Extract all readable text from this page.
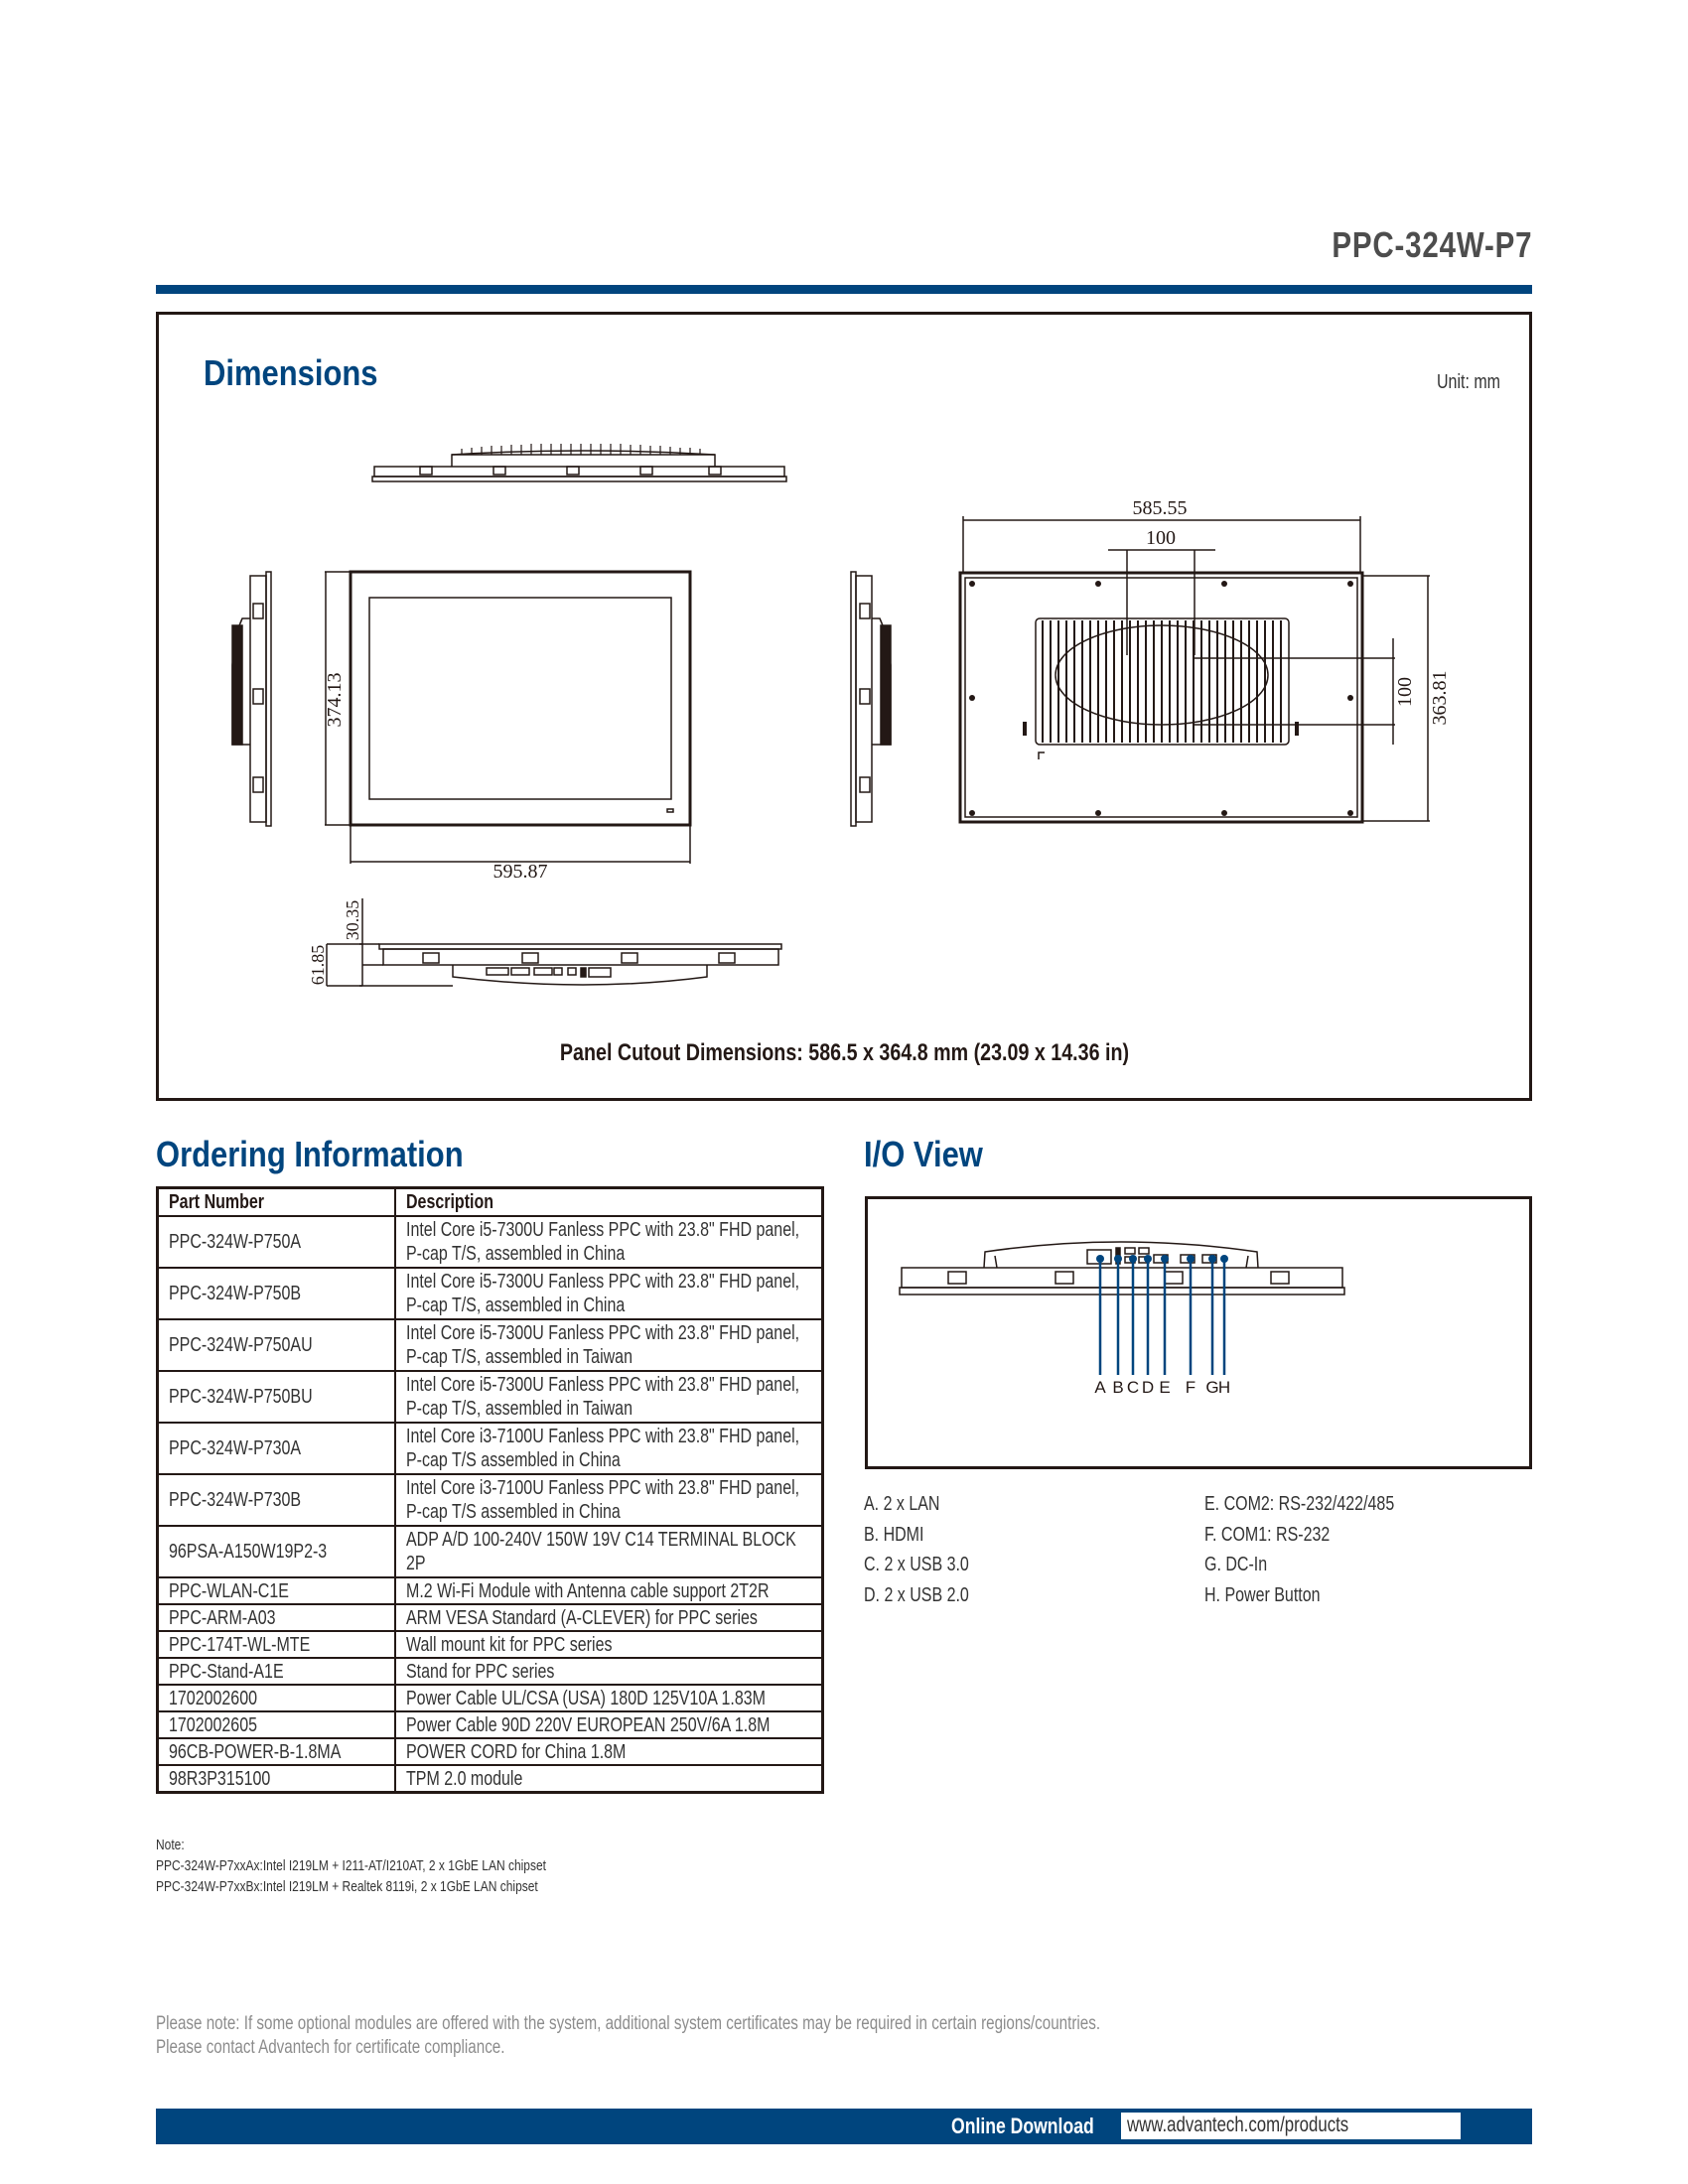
PPC-324W-P7
Dimensions	Unit: mm
374.13
595.87
585.55
100
100 363.81
30.35
61.85
Panel Cutout Dimensions: 586.5 x 364.8 mm (23.09 x 14.36 in)
Ordering Information
Part Number	Description
PPC-324W-P750A	Intel Core i5-7300U Fanless PPC with 23.8" FHD panel, P-cap T/S, assembled in China
PPC-324W-P750B	Intel Core i5-7300U Fanless PPC with 23.8" FHD panel, P-cap T/S, assembled in China
PPC-324W-P750AU	Intel Core i5-7300U Fanless PPC with 23.8" FHD panel, P-cap T/S, assembled in Taiwan
PPC-324W-P750BU	Intel Core i5-7300U Fanless PPC with 23.8" FHD panel, P-cap T/S, assembled in Taiwan
PPC-324W-P730A	Intel Core i3-7100U Fanless PPC with 23.8" FHD panel, P-cap T/S assembled in China
PPC-324W-P730B	Intel Core i3-7100U Fanless PPC with 23.8" FHD panel, P-cap T/S assembled in China
96PSA-A150W19P2-3	ADP A/D 100-240V 150W 19V C14 TERMINAL BLOCK 2P
PPC-WLAN-C1E	M.2 Wi-Fi Module with Antenna cable support 2T2R
PPC-ARM-A03	ARM VESA Standard (A-CLEVER) for PPC series
PPC-174T-WL-MTE	Wall mount kit for PPC series
PPC-Stand-A1E	Stand for PPC series
1702002600	Power Cable UL/CSA (USA) 180D 125V10A 1.83M
1702002605	Power Cable 90D 220V EUROPEAN 250V/6A 1.8M
96CB-POWER-B-1.8MA	POWER CORD for China 1.8M
98R3P315100	TPM 2.0 module
Note:
PPC-324W-P7xxAx:Intel I219LM + I211-AT/I210AT, 2 x 1GbE LAN chipset
PPC-324W-P7xxBx:Intel I219LM + Realtek 8119i, 2 x 1GbE LAN chipset
I/O View
A B C D E F G H
A. 2 x LAN
B. HDMI
C. 2 x USB 3.0
D. 2 x USB 2.0
E. COM2: RS-232/422/485
F. COM1: RS-232
G. DC-In
H. Power Button
Please note: If some optional modules are offered with the system, additional system certificates may be required in certain regions/countries.
Please contact Advantech for certificate compliance.
Online Download www.advantech.com/products
